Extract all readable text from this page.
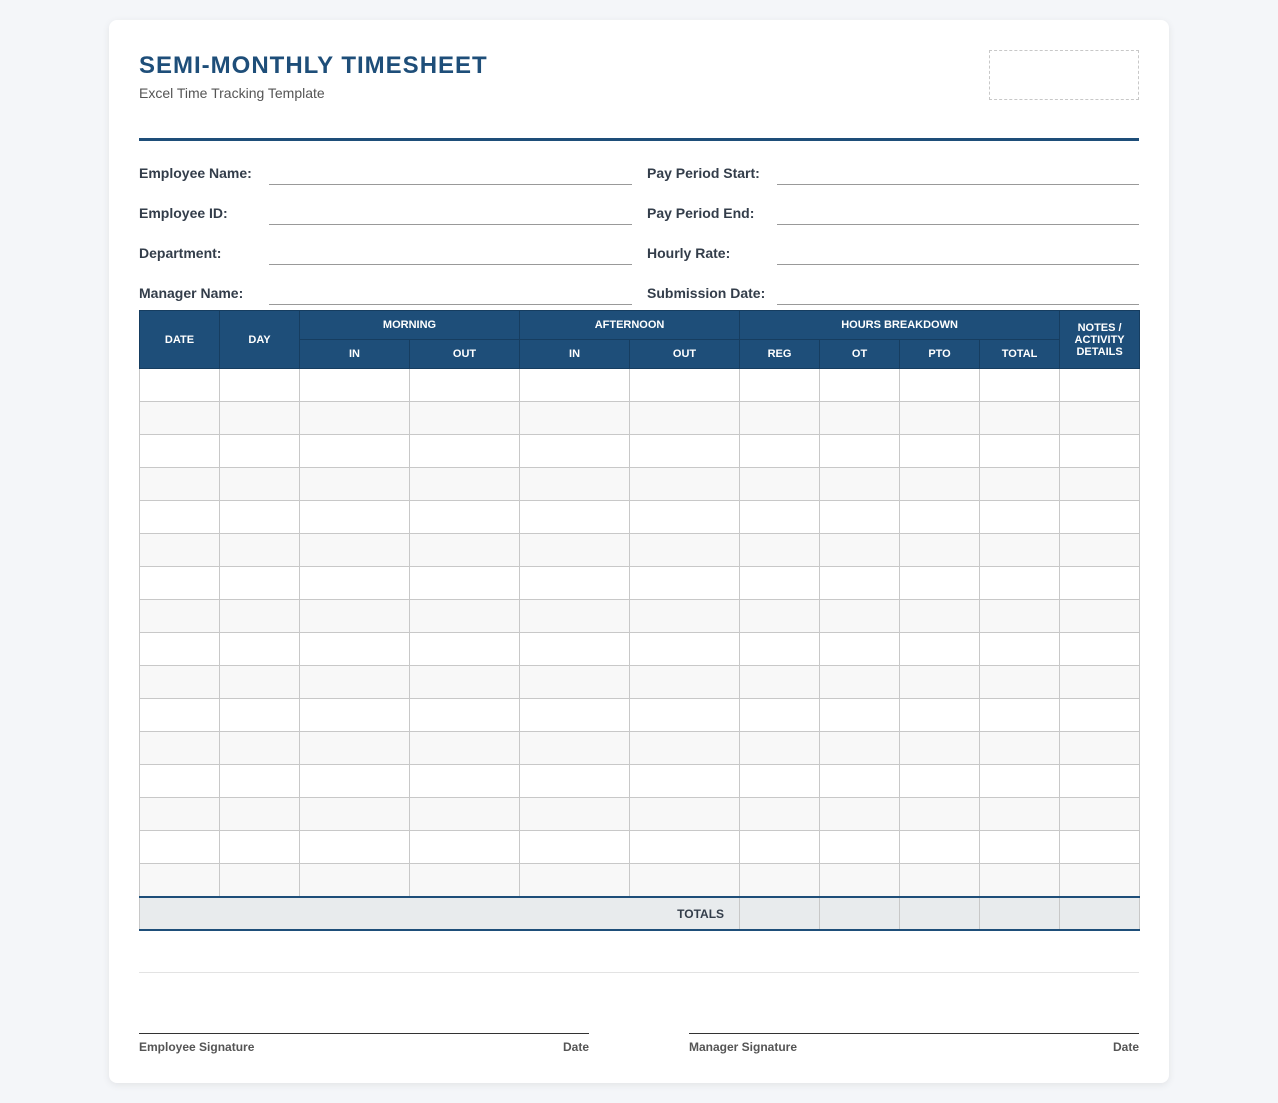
SEMI-MONTHLY TIMESHEET
Excel Time Tracking Template
Employee Name:	Pay Period Start:
Employee ID:	Pay Period End:
Department:	Hourly Rate:
Manager Name:	Submission Date:
DATE	DAY	MORNING		AFTERNOON		HOURS BREAKDOWN				NOTES / ACTIVITY DETAILS
		IN	OUT	IN	OUT	REG	OT	PTO	TOTAL	

TOTALS										
Employee Signature	Date	Manager Signature	Date
